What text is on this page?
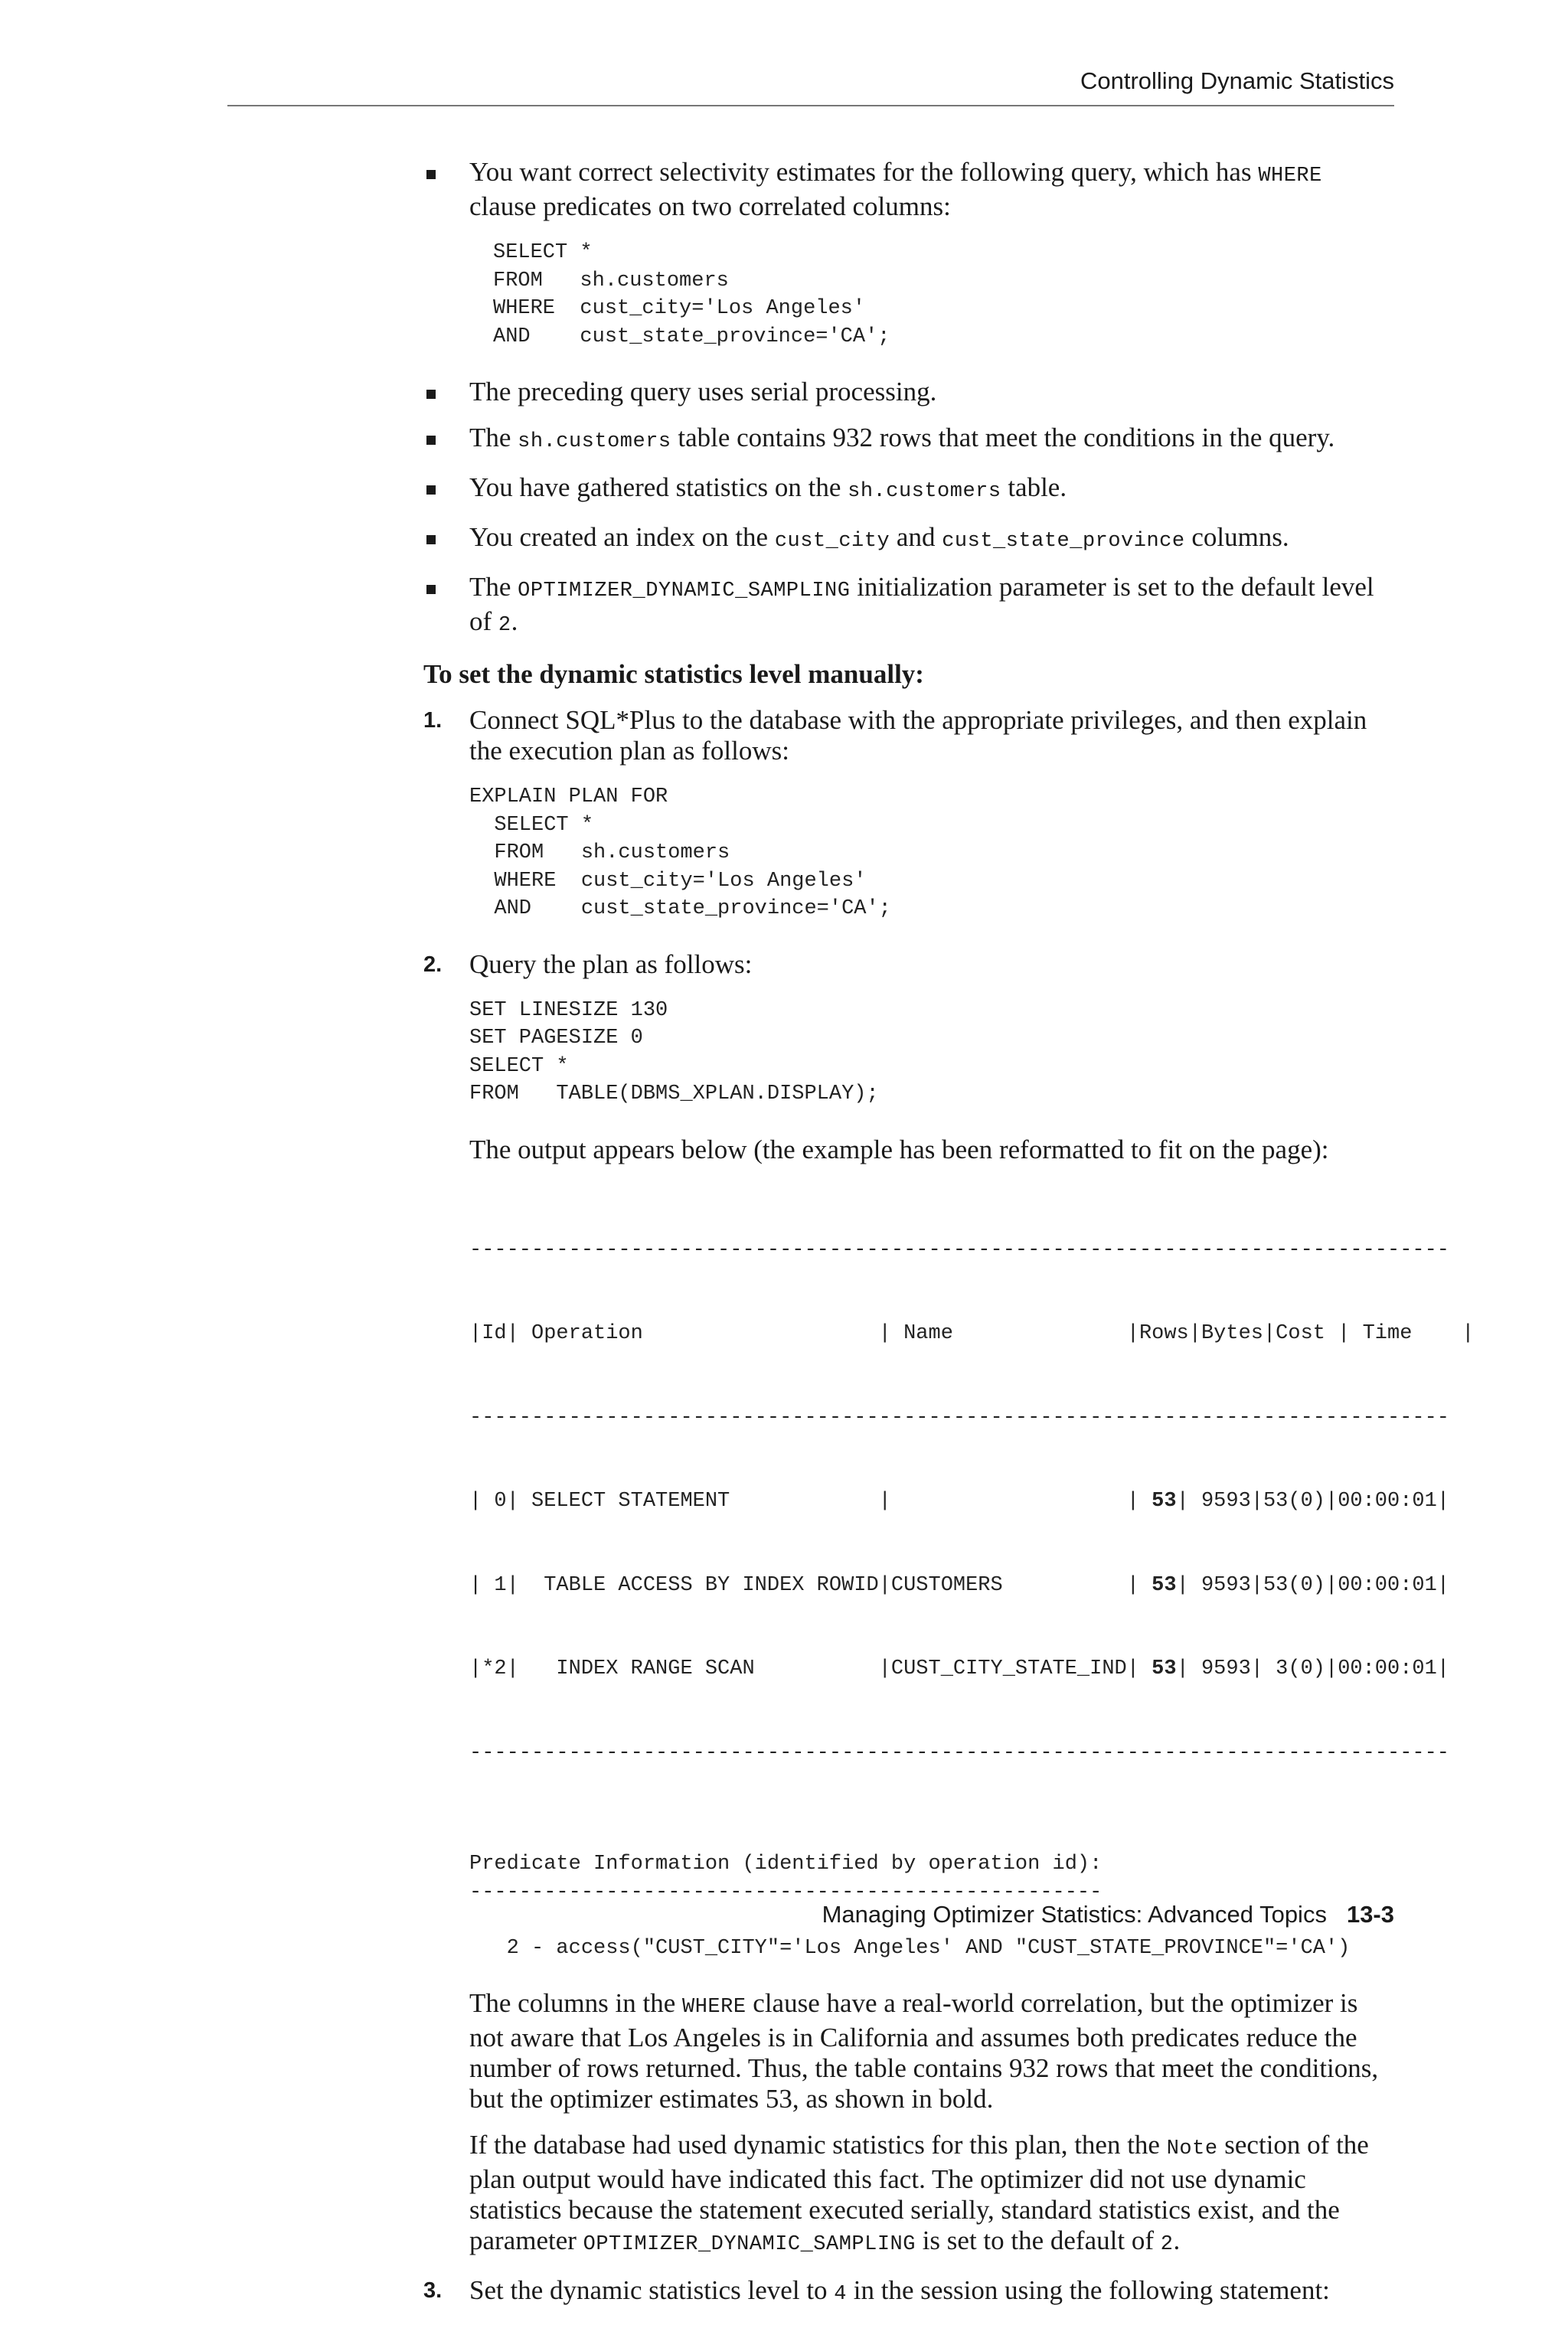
Controlling Dynamic Statistics
You want correct selectivity estimates for the following query, which has WHERE clause predicates on two correlated columns:
SELECT *
FROM   sh.customers
WHERE  cust_city='Los Angeles'
AND    cust_state_province='CA';
The preceding query uses serial processing.
The sh.customers table contains 932 rows that meet the conditions in the query.
You have gathered statistics on the sh.customers table.
You created an index on the cust_city and cust_state_province columns.
The OPTIMIZER_DYNAMIC_SAMPLING initialization parameter is set to the default level of 2.
To set the dynamic statistics level manually:
1. Connect SQL*Plus to the database with the appropriate privileges, and then explain the execution plan as follows:
EXPLAIN PLAN FOR
SELECT *
FROM   sh.customers
WHERE  cust_city='Los Angeles'
AND    cust_state_province='CA';
2. Query the plan as follows:
SET LINESIZE 130
SET PAGESIZE 0
SELECT *
FROM   TABLE(DBMS_XPLAN.DISPLAY);
The output appears below (the example has been reformatted to fit on the page):

-------------------------------------------------------------------------------

|Id| Operation                   | Name              |Rows|Bytes|Cost | Time    |

-------------------------------------------------------------------------------

| 0| SELECT STATEMENT            |                   | 53| 9593|53(0)|00:00:01|

| 1|  TABLE ACCESS BY INDEX ROWID|CUSTOMERS          | 53| 9593|53(0)|00:00:01|

|*2|   INDEX RANGE SCAN          |CUST_CITY_STATE_IND| 53| 9593| 3(0)|00:00:01|

-------------------------------------------------------------------------------

Predicate Information (identified by operation id):
---------------------------------------------------

2 - access("CUST_CITY"='Los Angeles' AND "CUST_STATE_PROVINCE"='CA')
The columns in the WHERE clause have a real-world correlation, but the optimizer is not aware that Los Angeles is in California and assumes both predicates reduce the number of rows returned. Thus, the table contains 932 rows that meet the conditions, but the optimizer estimates 53, as shown in bold.
If the database had used dynamic statistics for this plan, then the Note section of the plan output would have indicated this fact. The optimizer did not use dynamic statistics because the statement executed serially, standard statistics exist, and the parameter OPTIMIZER_DYNAMIC_SAMPLING is set to the default of 2.
3. Set the dynamic statistics level to 4 in the session using the following statement:
Managing Optimizer Statistics: Advanced Topics 13-3
